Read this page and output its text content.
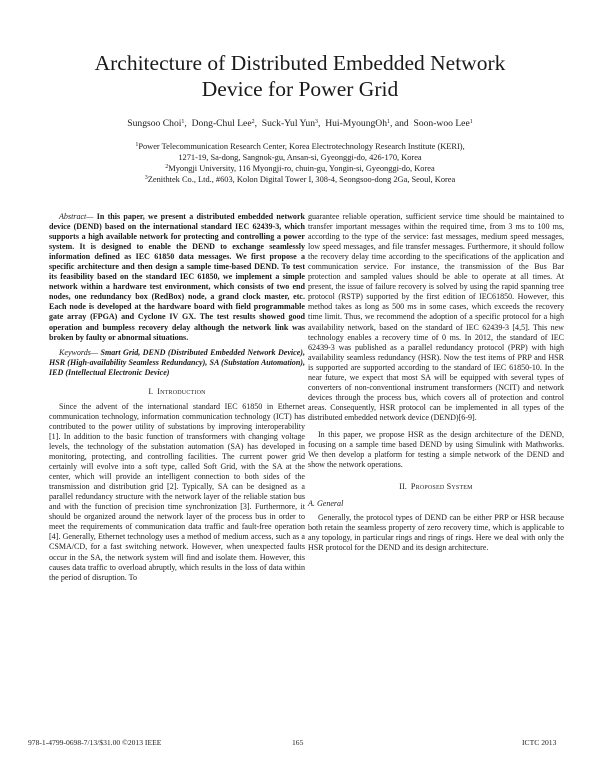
Architecture of Distributed Embedded Network
Device for Power Grid
Sungsoo Choi$^1$,  Dong-Chul Lee$^2$,  Suck-Yul Yun$^3$,  Hui-MyoungOh$^1$, and  Soon-woo Lee$^1$
$^1$Power Telecommunication Research Center, Korea Electrotechnology Research Institute (KERI),
1271-19, Sa-dong, Sangnok-gu, Ansan-si, Gyeonggi-do, 426-170, Korea
$^2$Myongji University, 116 Myongji-ro, chuin-gu, Yongin-si, Gyeonggi-do, Korea
$^3$Zenithtek Co., Ltd., #603, Kolon Digital Tower I, 308-4, Seongsoo-dong 2Ga, Seoul, Korea

Abstract— In this paper, we present a distributed embedded network device (DEND) based on the international standard IEC 62439-3, which supports a high available network for protecting and controlling a power system. It is designed to enable the DEND to exchange seamlessly information defined as IEC 61850 data messages. We first propose a specific architecture and then design a sample time-based DEND. To test its feasibility based on the standard IEC 61850, we implement a simple network within a hardware test environment, which consists of two end nodes, one redundancy box (RedBox) node, a grand clock master, etc. Each node is developed at the hardware board with field programmable gate array (FPGA) and Cyclone IV GX. The test results showed good operation and bumpless recovery delay although the network link was broken by faulty or abnormal situations.

Keywords— Smart Grid, DEND (Distributed Embedded Network Device), HSR (High-availability Seamless Redundancy), SA (Substation Automation), IED (Intellectual Electronic Device)

I. Introduction

Since the advent of the international standard IEC 61850 in Ethernet communication technology, information communication technology (ICT) has contributed to the power utility of substations by improving interoperability [1]. In addition to the basic function of transformers with changing voltage levels, the technology of the substation automation (SA) has developed in monitoring, protecting, and controlling facilities. The current power grid certainly will evolve into a soft type, called Soft Grid, with the SA at the center, which will provide an intelligent connection to both sides of the transmission and distribution grid [2]. Typically, SA can be designed as a parallel redundancy structure with the network layer of the reliable station bus and with the function of precision time synchronization [3]. Furthermore, it should be organized around the network layer of the process bus in order to meet the requirements of communication data traffic and fault-free operation [4]. Generally, Ethernet technology uses a method of medium access, such as a CSMA/CD, for a fast switching network. However, when unexpected faults occur in the SA, the network system will find and isolate them. However, this causes data traffic to overload abruptly, which results in the loss of data within the period of disruption. To

guarantee reliable operation, sufficient service time should be maintained to transfer important messages within the required time, from 3 ms to 100 ms, according to the type of the service: fast messages, medium speed messages, low speed messages, and file transfer messages. Furthermore, it should follow the recovery delay time according to the specifications of the application and communication service. For instance, the transmission of the Bus Bar protection and sampled values should be able to operate at all times. At present, the issue of failure recovery is solved by using the rapid spanning tree protocol (RSTP) supported by the first edition of IEC61850. However, this method takes as long as 500 ms in some cases, which exceeds the recovery time limit. Thus, we recommend the adoption of a specific protocol for a high availability network, based on the standard of IEC 62439-3 [4,5]. This new technology enables a recovery time of 0 ms. In 2012, the standard of IEC 62439-3 was published as a parallel redundancy protocol (PRP) with high availability seamless redundancy (HSR). Now the test items of PRP and HSR is supported are supported according to the standard of IEC 61850-10. In the near future, we expect that most SA will be equipped with several types of converters of non-conventional instrument transformers (NCIT) and network devices through the process bus, which covers all of protection and control areas. Consequently, HSR protocol can be implemented in all types of the distributed embedded network device (DEND)[6-9].

In this paper, we propose HSR as the design architecture of the DEND, focusing on a sample time based DEND by using Simulink with Mathworks. We then develop a platform for testing a simple network of the DEND and show the network operations.

II. Proposed System
A. General

Generally, the protocol types of DEND can be either PRP or HSR because both retain the seamless property of zero recovery time, which is applicable to any topology, in particular rings and rings of rings. Here we deal with only the HSR protocol for the DEND and its design architecture.

978-1-4799-0698-7/13/$31.00 ©2013 IEEE	165	ICTC 2013
